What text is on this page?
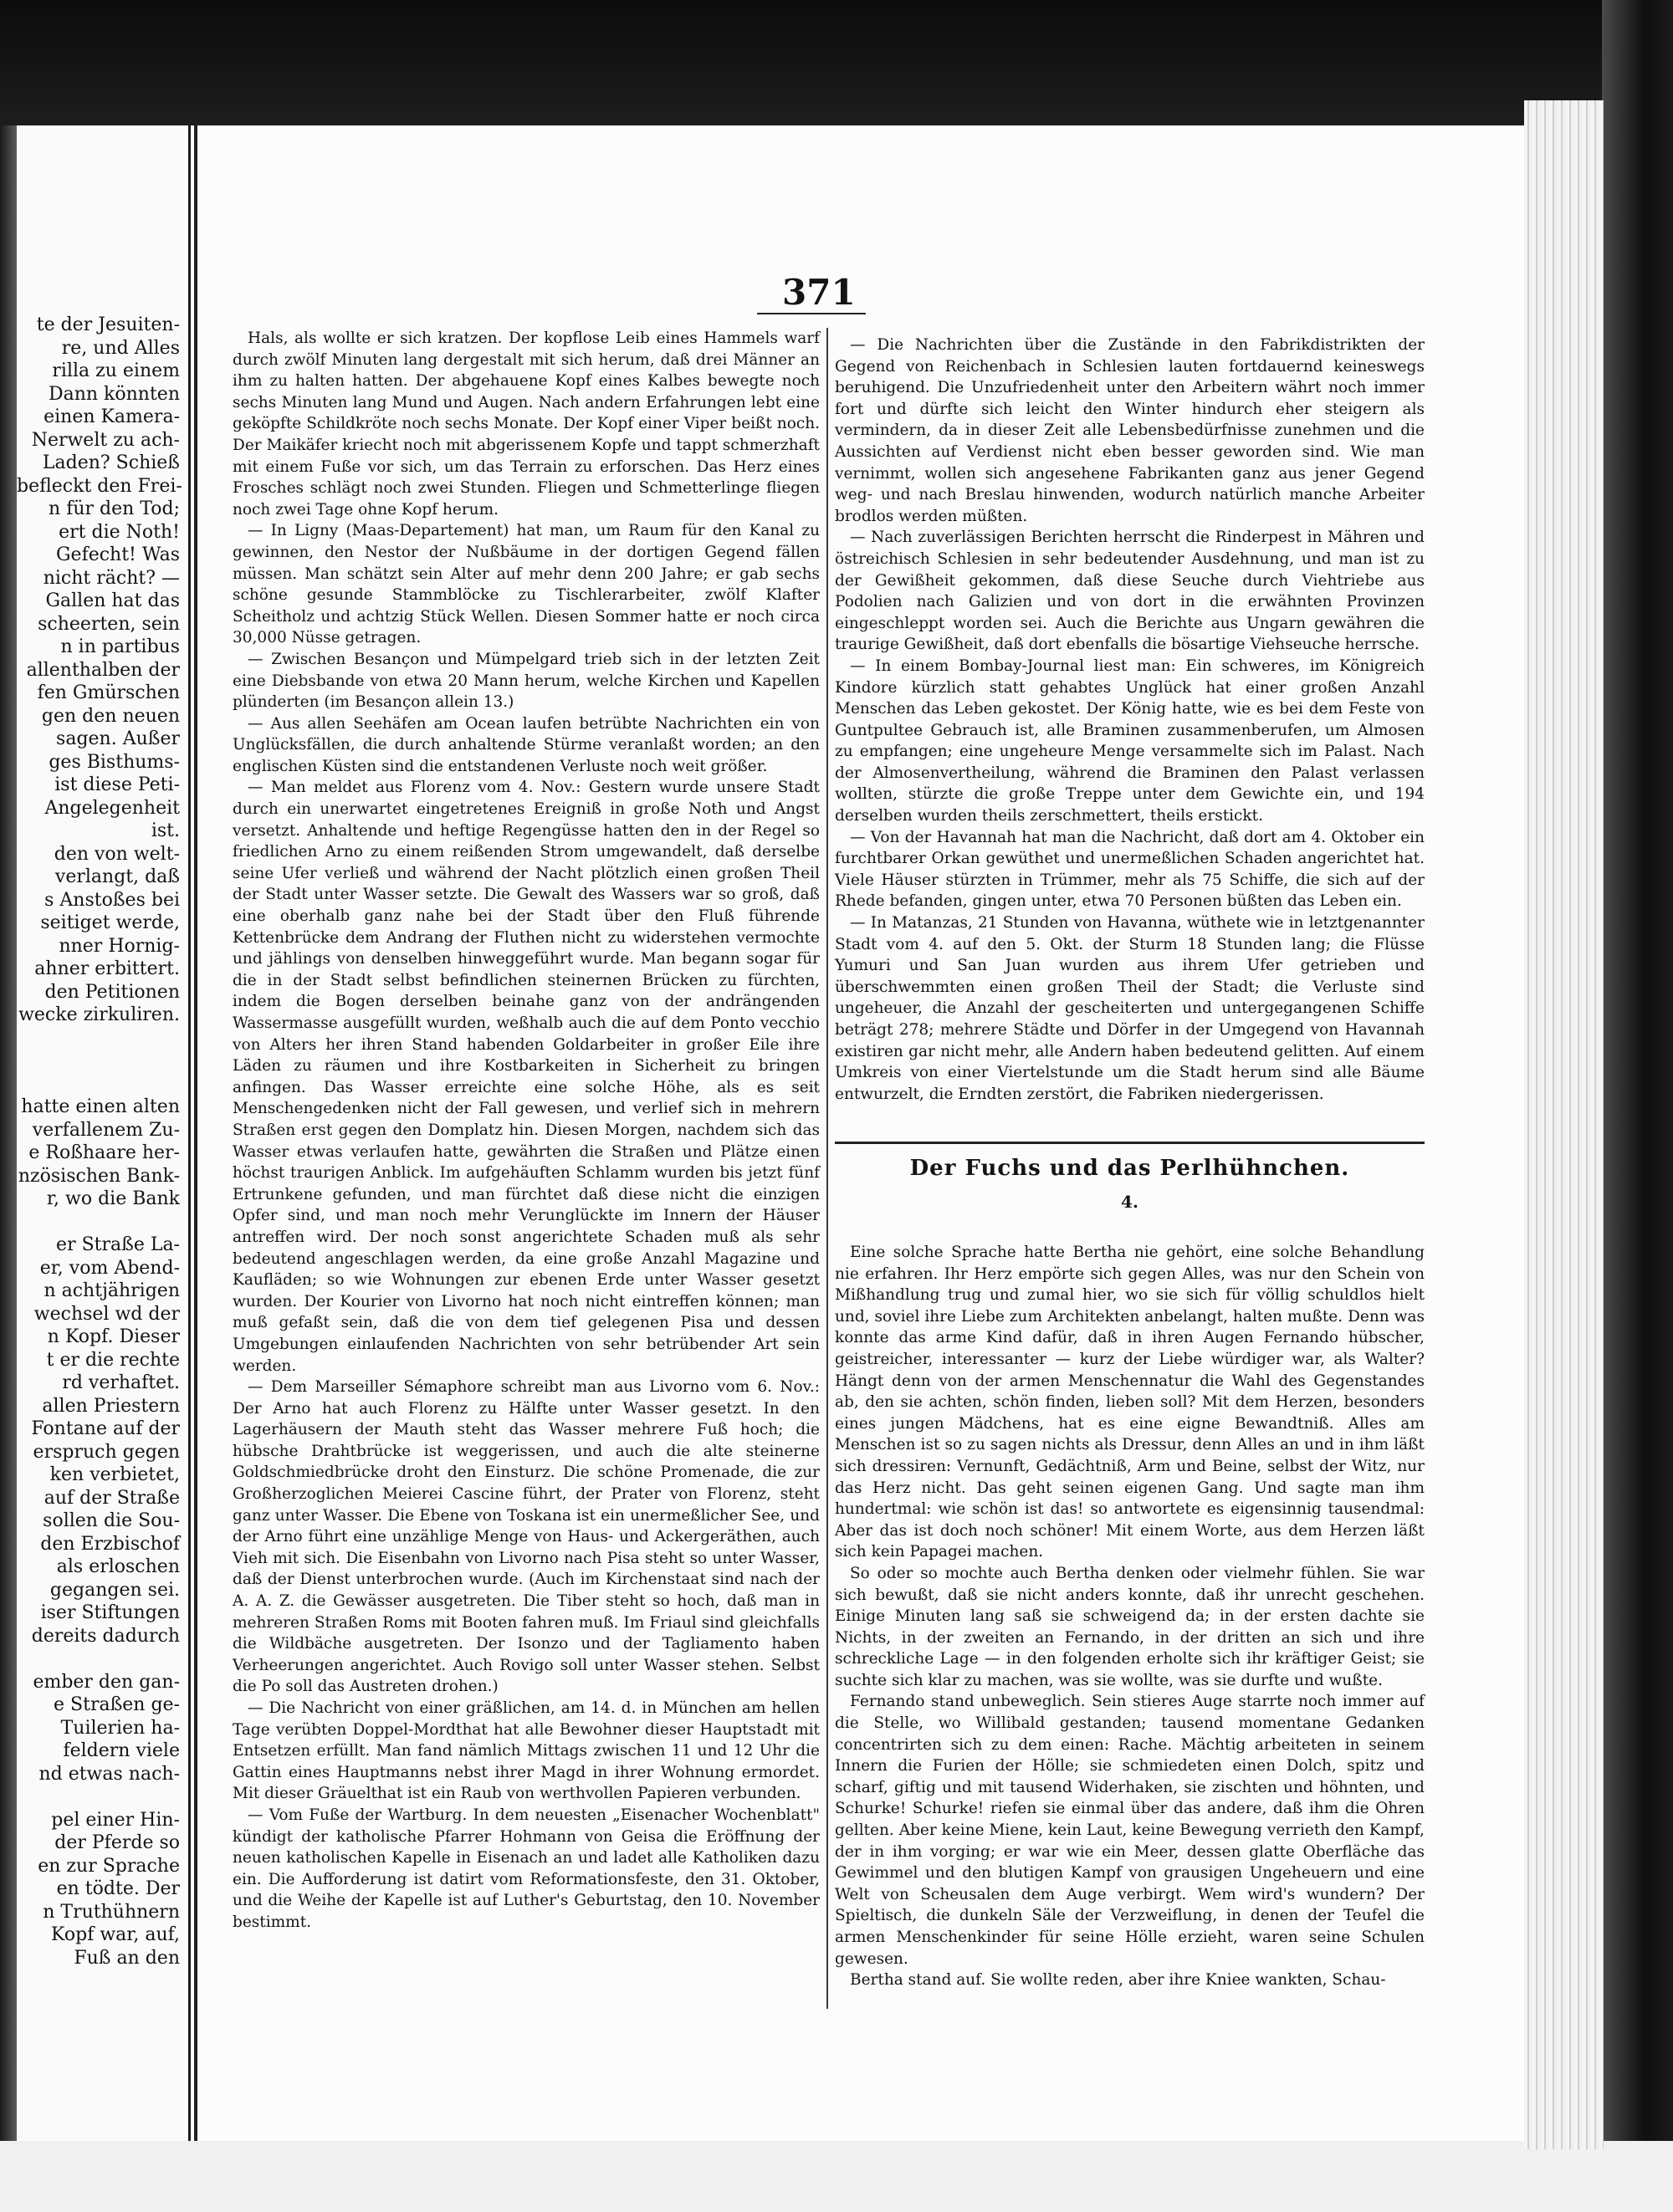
te der Jesuiten-
re, und Alles
rilla zu einem
Dann könnten
einen Kamera-
Nerwelt zu ach-
Laden? Schieß
befleckt den Frei-
n für den Tod;
ert die Noth!
Gefecht! Was
nicht rächt? —
Gallen hat das
scheerten, sein
n in partibus
allenthalben der
fen Gmürschen
gen den neuen
sagen. Außer
ges Bisthums-
ist diese Peti-
Angelegenheit
ist.
den von welt-
verlangt, daß
s Anstoßes bei
seitiget werde,
nner Hornig-
ahner erbittert.
den Petitionen
wecke zirkuliren.
hatte einen alten
verfallenem Zu-
e Roßhaare her-
nzösischen Bank-
r, wo die Bank
er Straße La-
er, vom Abend-
n achtjährigen
wechsel wd der
n Kopf. Dieser
t er die rechte
rd verhaftet.
allen Priestern
Fontane auf der
erspruch gegen
ken verbietet,
auf der Straße
sollen die Sou-
den Erzbischof
als erloschen
gegangen sei.
iser Stiftungen
dereits dadurch
ember den gan-
e Straßen ge-
Tuilerien ha-
feldern viele
nd etwas nach-
pel einer Hin-
der Pferde so
en zur Sprache
en tödte. Der
n Truthühnern
Kopf war, auf,
Fuß an den
371

Hals, als wollte er sich kratzen. Der kopflose Leib eines Hammels warf durch zwölf Minuten lang dergestalt mit sich herum, daß drei Männer an ihm zu halten hatten. Der abgehauene Kopf eines Kalbes bewegte noch sechs Minuten lang Mund und Augen. Nach andern Erfahrungen lebt eine geköpfte Schildkröte noch sechs Monate. Der Kopf einer Viper beißt noch. Der Maikäfer kriecht noch mit abgerissenem Kopfe und tappt schmerzhaft mit einem Fuße vor sich, um das Terrain zu erforschen. Das Herz eines Frosches schlägt noch zwei Stunden. Fliegen und Schmetterlinge fliegen noch zwei Tage ohne Kopf herum.

— In Ligny (Maas-Departement) hat man, um Raum für den Kanal zu gewinnen, den Nestor der Nußbäume in der dortigen Gegend fällen müssen. Man schätzt sein Alter auf mehr denn 200 Jahre; er gab sechs schöne gesunde Stammblöcke zu Tischlerarbeiter, zwölf Klafter Scheitholz und achtzig Stück Wellen. Diesen Sommer hatte er noch circa 30,000 Nüsse getragen.

— Zwischen Besançon und Mümpelgard trieb sich in der letzten Zeit eine Diebsbande von etwa 20 Mann herum, welche Kirchen und Kapellen plünderten (im Besançon allein 13.)

— Aus allen Seehäfen am Ocean laufen betrübte Nachrichten ein von Unglücksfällen, die durch anhaltende Stürme veranlaßt worden; an den englischen Küsten sind die entstandenen Verluste noch weit größer.

— Man meldet aus Florenz vom 4. Nov.: Gestern wurde unsere Stadt durch ein unerwartet eingetretenes Ereigniß in große Noth und Angst versetzt. Anhaltende und heftige Regengüsse hatten den in der Regel so friedlichen Arno zu einem reißenden Strom umgewandelt, daß derselbe seine Ufer verließ und während der Nacht plötzlich einen großen Theil der Stadt unter Wasser setzte. Die Gewalt des Wassers war so groß, daß eine oberhalb ganz nahe bei der Stadt über den Fluß führende Kettenbrücke dem Andrang der Fluthen nicht zu widerstehen vermochte und jählings von denselben hinweggeführt wurde. Man begann sogar für die in der Stadt selbst befindlichen steinernen Brücken zu fürchten, indem die Bogen derselben beinahe ganz von der andrängenden Wassermasse ausgefüllt wurden, weßhalb auch die auf dem Ponto vecchio von Alters her ihren Stand habenden Goldarbeiter in großer Eile ihre Läden zu räumen und ihre Kostbarkeiten in Sicherheit zu bringen anfingen. Das Wasser erreichte eine solche Höhe, als es seit Menschengedenken nicht der Fall gewesen, und verlief sich in mehrern Straßen erst gegen den Domplatz hin. Diesen Morgen, nachdem sich das Wasser etwas verlaufen hatte, gewährten die Straßen und Plätze einen höchst traurigen Anblick. Im aufgehäuften Schlamm wurden bis jetzt fünf Ertrunkene gefunden, und man fürchtet daß diese nicht die einzigen Opfer sind, und man noch mehr Verunglückte im Innern der Häuser antreffen wird. Der noch sonst angerichtete Schaden muß als sehr bedeutend angeschlagen werden, da eine große Anzahl Magazine und Kaufläden; so wie Wohnungen zur ebenen Erde unter Wasser gesetzt wurden. Der Kourier von Livorno hat noch nicht eintreffen können; man muß gefaßt sein, daß die von dem tief gelegenen Pisa und dessen Umgebungen einlaufenden Nachrichten von sehr betrübender Art sein werden.

— Dem Marseiller Sémaphore schreibt man aus Livorno vom 6. Nov.: Der Arno hat auch Florenz zu Hälfte unter Wasser gesetzt. In den Lagerhäusern der Mauth steht das Wasser mehrere Fuß hoch; die hübsche Drahtbrücke ist weggerissen, und auch die alte steinerne Goldschmiedbrücke droht den Einsturz. Die schöne Promenade, die zur Großherzoglichen Meierei Cascine führt, der Prater von Florenz, steht ganz unter Wasser. Die Ebene von Toskana ist ein unermeßlicher See, und der Arno führt eine unzählige Menge von Haus- und Ackergeräthen, auch Vieh mit sich. Die Eisenbahn von Livorno nach Pisa steht so unter Wasser, daß der Dienst unterbrochen wurde. (Auch im Kirchenstaat sind nach der A. A. Z. die Gewässer ausgetreten. Die Tiber steht so hoch, daß man in mehreren Straßen Roms mit Booten fahren muß. Im Friaul sind gleichfalls die Wildbäche ausgetreten. Der Isonzo und der Tagliamento haben Verheerungen angerichtet. Auch Rovigo soll unter Wasser stehen. Selbst die Po soll das Austreten drohen.)

— Die Nachricht von einer gräßlichen, am 14. d. in München am hellen Tage verübten Doppel-Mordthat hat alle Bewohner dieser Hauptstadt mit Entsetzen erfüllt. Man fand nämlich Mittags zwischen 11 und 12 Uhr die Gattin eines Hauptmanns nebst ihrer Magd in ihrer Wohnung ermordet. Mit dieser Gräuelthat ist ein Raub von werthvollen Papieren verbunden.

— Vom Fuße der Wartburg. In dem neuesten „Eisenacher Wochenblatt" kündigt der katholische Pfarrer Hohmann von Geisa die Eröffnung der neuen katholischen Kapelle in Eisenach an und ladet alle Katholiken dazu ein. Die Aufforderung ist datirt vom Reformationsfeste, den 31. Oktober, und die Weihe der Kapelle ist auf Luther's Geburtstag, den 10. November bestimmt.

— Die Nachrichten über die Zustände in den Fabrikdistrikten der Gegend von Reichenbach in Schlesien lauten fortdauernd keineswegs beruhigend. Die Unzufriedenheit unter den Arbeitern währt noch immer fort und dürfte sich leicht den Winter hindurch eher steigern als vermindern, da in dieser Zeit alle Lebensbedürfnisse zunehmen und die Aussichten auf Verdienst nicht eben besser geworden sind. Wie man vernimmt, wollen sich angesehene Fabrikanten ganz aus jener Gegend weg- und nach Breslau hinwenden, wodurch natürlich manche Arbeiter brodlos werden müßten.

— Nach zuverlässigen Berichten herrscht die Rinderpest in Mähren und östreichisch Schlesien in sehr bedeutender Ausdehnung, und man ist zu der Gewißheit gekommen, daß diese Seuche durch Viehtriebe aus Podolien nach Galizien und von dort in die erwähnten Provinzen eingeschleppt worden sei. Auch die Berichte aus Ungarn gewähren die traurige Gewißheit, daß dort ebenfalls die bösartige Viehseuche herrsche.

— In einem Bombay-Journal liest man: Ein schweres, im Königreich Kindore kürzlich statt gehabtes Unglück hat einer großen Anzahl Menschen das Leben gekostet. Der König hatte, wie es bei dem Feste von Guntpultee Gebrauch ist, alle Braminen zusammenberufen, um Almosen zu empfangen; eine ungeheure Menge versammelte sich im Palast. Nach der Almosenvertheilung, während die Braminen den Palast verlassen wollten, stürzte die große Treppe unter dem Gewichte ein, und 194 derselben wurden theils zerschmettert, theils erstickt.

— Von der Havannah hat man die Nachricht, daß dort am 4. Oktober ein furchtbarer Orkan gewüthet und unermeßlichen Schaden angerichtet hat. Viele Häuser stürzten in Trümmer, mehr als 75 Schiffe, die sich auf der Rhede befanden, gingen unter, etwa 70 Personen büßten das Leben ein.

— In Matanzas, 21 Stunden von Havanna, wüthete wie in letztgenannter Stadt vom 4. auf den 5. Okt. der Sturm 18 Stunden lang; die Flüsse Yumuri und San Juan wurden aus ihrem Ufer getrieben und überschwemmten einen großen Theil der Stadt; die Verluste sind ungeheuer, die Anzahl der gescheiterten und untergegangenen Schiffe beträgt 278; mehrere Städte und Dörfer in der Umgegend von Havannah existiren gar nicht mehr, alle Andern haben bedeutend gelitten. Auf einem Umkreis von einer Viertelstunde um die Stadt herum sind alle Bäume entwurzelt, die Erndten zerstört, die Fabriken niedergerissen.

Der Fuchs und das Perlhühnchen.
4.

Eine solche Sprache hatte Bertha nie gehört, eine solche Behandlung nie erfahren. Ihr Herz empörte sich gegen Alles, was nur den Schein von Mißhandlung trug und zumal hier, wo sie sich für völlig schuldlos hielt und, soviel ihre Liebe zum Architekten anbelangt, halten mußte. Denn was konnte das arme Kind dafür, daß in ihren Augen Fernando hübscher, geistreicher, interessanter — kurz der Liebe würdiger war, als Walter? Hängt denn von der armen Menschennatur die Wahl des Gegenstandes ab, den sie achten, schön finden, lieben soll? Mit dem Herzen, besonders eines jungen Mädchens, hat es eine eigne Bewandtniß. Alles am Menschen ist so zu sagen nichts als Dressur, denn Alles an und in ihm läßt sich dressiren: Vernunft, Gedächtniß, Arm und Beine, selbst der Witz, nur das Herz nicht. Das geht seinen eigenen Gang. Und sagte man ihm hundertmal: wie schön ist das! so antwortete es eigensinnig tausendmal: Aber das ist doch noch schöner! Mit einem Worte, aus dem Herzen läßt sich kein Papagei machen.

So oder so mochte auch Bertha denken oder vielmehr fühlen. Sie war sich bewußt, daß sie nicht anders konnte, daß ihr unrecht geschehen. Einige Minuten lang saß sie schweigend da; in der ersten dachte sie Nichts, in der zweiten an Fernando, in der dritten an sich und ihre schreckliche Lage — in den folgenden erholte sich ihr kräftiger Geist; sie suchte sich klar zu machen, was sie wollte, was sie durfte und wußte.

Fernando stand unbeweglich. Sein stieres Auge starrte noch immer auf die Stelle, wo Willibald gestanden; tausend momentane Gedanken concentrirten sich zu dem einen: Rache. Mächtig arbeiteten in seinem Innern die Furien der Hölle; sie schmiedeten einen Dolch, spitz und scharf, giftig und mit tausend Widerhaken, sie zischten und höhnten, und Schurke! Schurke! riefen sie einmal über das andere, daß ihm die Ohren gellten. Aber keine Miene, kein Laut, keine Bewegung verrieth den Kampf, der in ihm vorging; er war wie ein Meer, dessen glatte Oberfläche das Gewimmel und den blutigen Kampf von grausigen Ungeheuern und eine Welt von Scheusalen dem Auge verbirgt. Wem wird's wundern? Der Spieltisch, die dunkeln Säle der Verzweiflung, in denen der Teufel die armen Menschenkinder für seine Hölle erzieht, waren seine Schulen gewesen.

Bertha stand auf. Sie wollte reden, aber ihre Kniee wankten, Schau-
